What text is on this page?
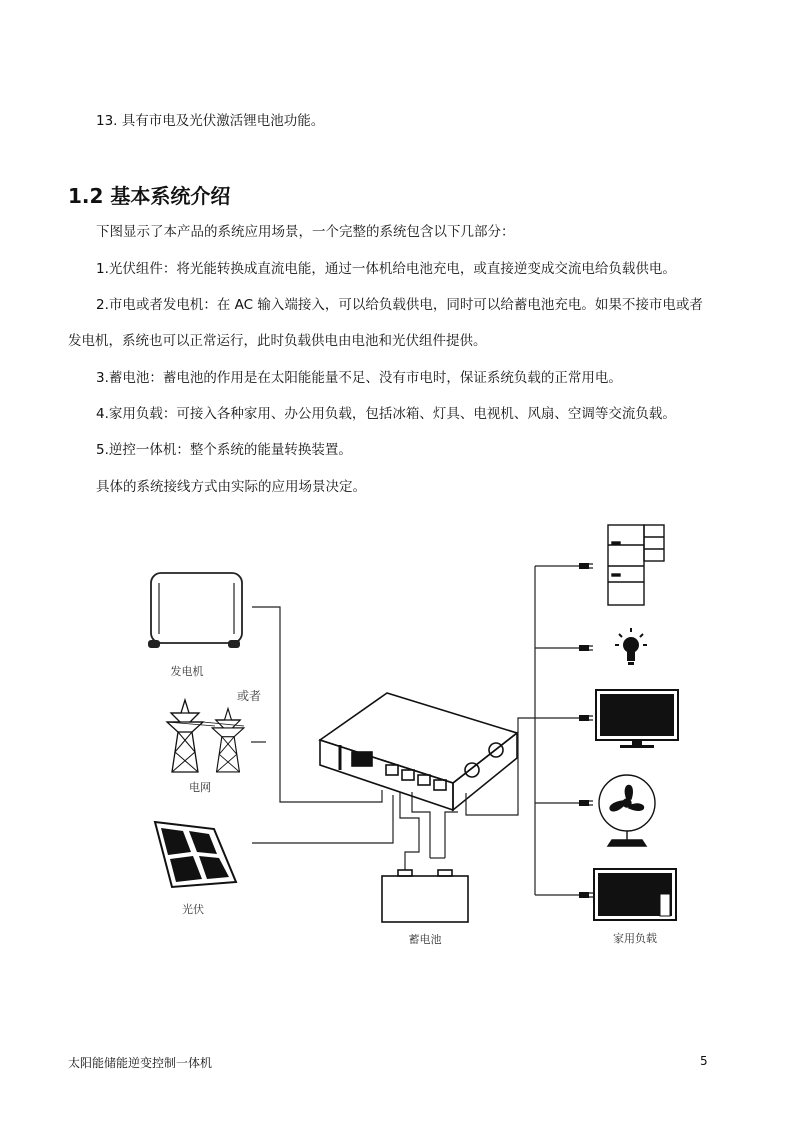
13. 具有市电及光伏激活锂电池功能。
1.2 基本系统介绍
下图显示了本产品的系统应用场景，一个完整的系统包含以下几部分：
1.光伏组件：将光能转换成直流电能，通过一体机给电池充电，或直接逆变成交流电给负载供电。
2.市电或者发电机：在 AC 输入端接入，可以给负载供电，同时可以给蓄电池充电。如果不接市电或者
发电机，系统也可以正常运行，此时负载供电由电池和光伏组件提供。
3.蓄电池：蓄电池的作用是在太阳能能量不足、没有市电时，保证系统负载的正常用电。
4.家用负载：可接入各种家用、办公用负载，包括冰箱、灯具、电视机、风扇、空调等交流负载。
5.逆控一体机：整个系统的能量转换装置。
具体的系统接线方式由实际的应用场景决定。
发电机
或者
电网
光伏
蓄电池	家用负载
太阳能储能逆变控制一体机	5
